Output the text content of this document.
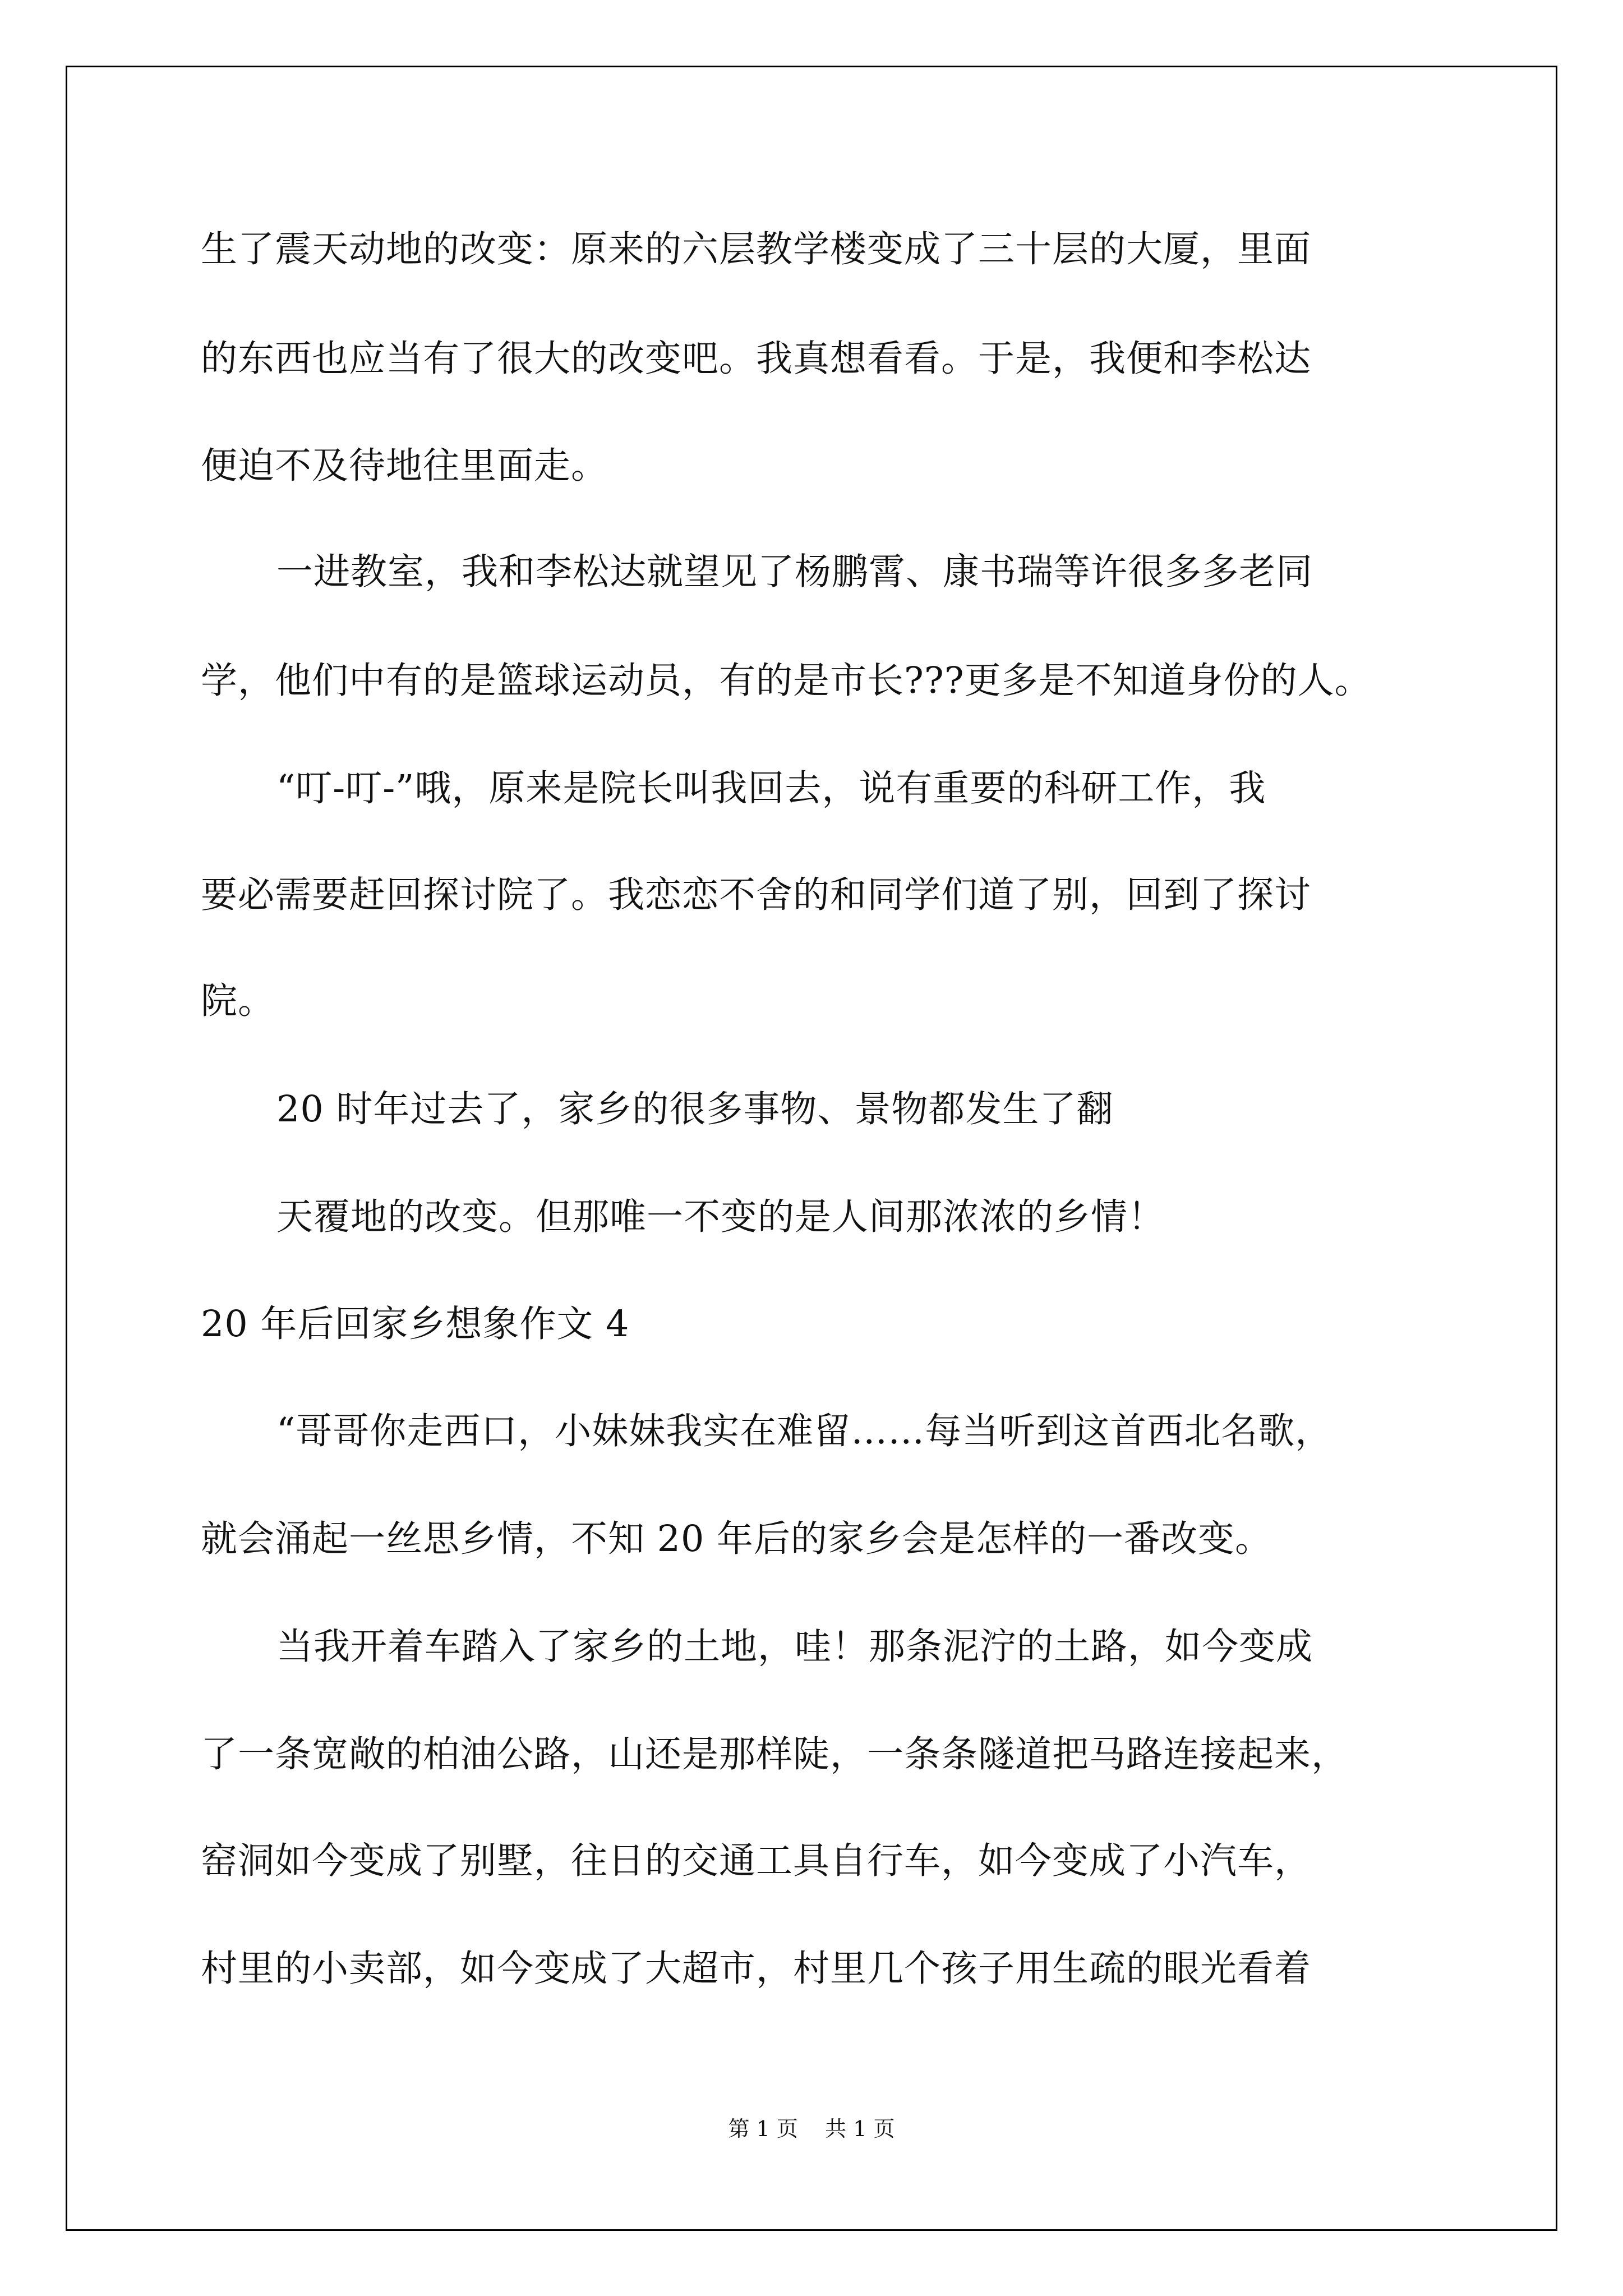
生了震天动地的改变：原来的六层教学楼变成了三十层的大厦，里面
的东西也应当有了很大的改变吧。我真想看看。于是，我便和李松达
便迫不及待地往里面走。
一进教室，我和李松达就望见了杨鹏霄、康书瑞等许很多多老同
学，他们中有的是篮球运动员，有的是市长???更多是不知道身份的人。
“叮-叮-”哦，原来是院长叫我回去，说有重要的科研工作，我
要必需要赶回探讨院了。我恋恋不舍的和同学们道了别，回到了探讨
院。
20 时年过去了，家乡的很多事物、景物都发生了翻
天覆地的改变。但那唯一不变的是人间那浓浓的乡情！
20 年后回家乡想象作文 4
“哥哥你走西口，小妹妹我实在难留……每当听到这首西北名歌，
就会涌起一丝思乡情，不知 20 年后的家乡会是怎样的一番改变。
当我开着车踏入了家乡的土地，哇！那条泥泞的土路，如今变成
了一条宽敞的柏油公路，山还是那样陡，一条条隧道把马路连接起来，
窑洞如今变成了别墅，往日的交通工具自行车，如今变成了小汽车，
村里的小卖部，如今变成了大超市，村里几个孩子用生疏的眼光看着
第 1 页    共 1 页
